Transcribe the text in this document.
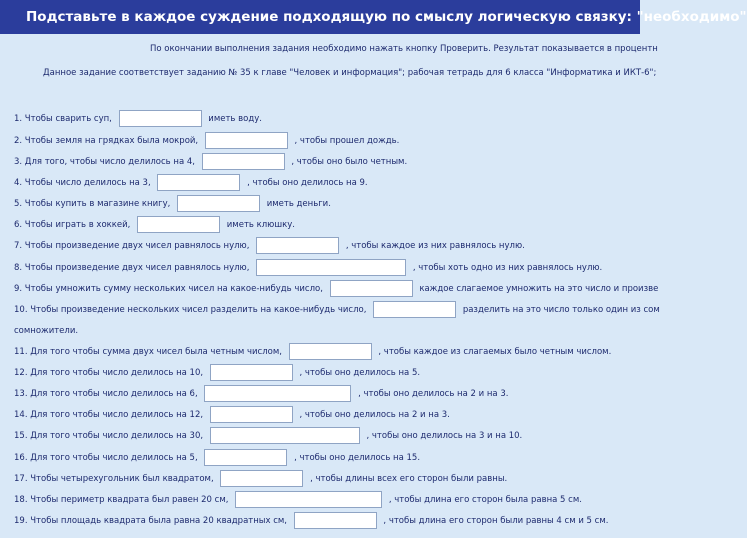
Подставьте в каждое суждение подходящую по смыслу логическую связку: "необходимо"
По окончании выполнения задания необходимо нажать кнопку Проверить. Результат показывается в процентн
Данное задание соответствует заданию № 35 к главе "Человек и информация"; рабочая тетрадь для 6 класса "Информатика и ИКТ-6";
1. Чтобы сварить суп,	иметь воду.
2. Чтобы земля на грядках была мокрой,	, чтобы прошел дождь.
3. Для того, чтобы число делилось на 4,	, чтобы оно было четным.
4. Чтобы число делилось на 3,	, чтобы оно делилось на 9.
5. Чтобы купить в магазине книгу,	иметь деньги.
6. Чтобы играть в хоккей,	иметь клюшку.
7. Чтобы произведение двух чисел равнялось нулю,	, чтобы каждое из них равнялось нулю.
8. Чтобы произведение двух чисел равнялось нулю,	, чтобы хоть одно из них равнялось нулю.
9. Чтобы умножить сумму нескольких чисел на какое-нибудь число,	каждое слагаемое умножить на это число и произве
10. Чтобы произведение нескольких чисел разделить на какое-нибудь число,	разделить на это число только один из сом
сомножители.
11. Для того чтобы сумма двух чисел была четным числом,	, чтобы каждое из слагаемых было четным числом.
12. Для того чтобы число делилось на 10,	, чтобы оно делилось на 5.
13. Для того чтобы число делилось на 6,	, чтобы оно делилось на 2 и на 3.
14. Для того чтобы число делилось на 12,	, чтобы оно делилось на 2 и на 3.
15. Для того чтобы число делилось на 30,	, чтобы оно делилось на 3 и на 10.
16. Для того чтобы число делилось на 5,	, чтобы оно делилось на 15.
17. Чтобы четырехугольник был квадратом,	, чтобы длины всех его сторон были равны.
18. Чтобы периметр квадрата был равен 20 см,	, чтобы длина его сторон была равна 5 см.
19. Чтобы площадь квадрата была равна 20 квадратных см,	, чтобы длина его сторон были равны 4 см и 5 см.
